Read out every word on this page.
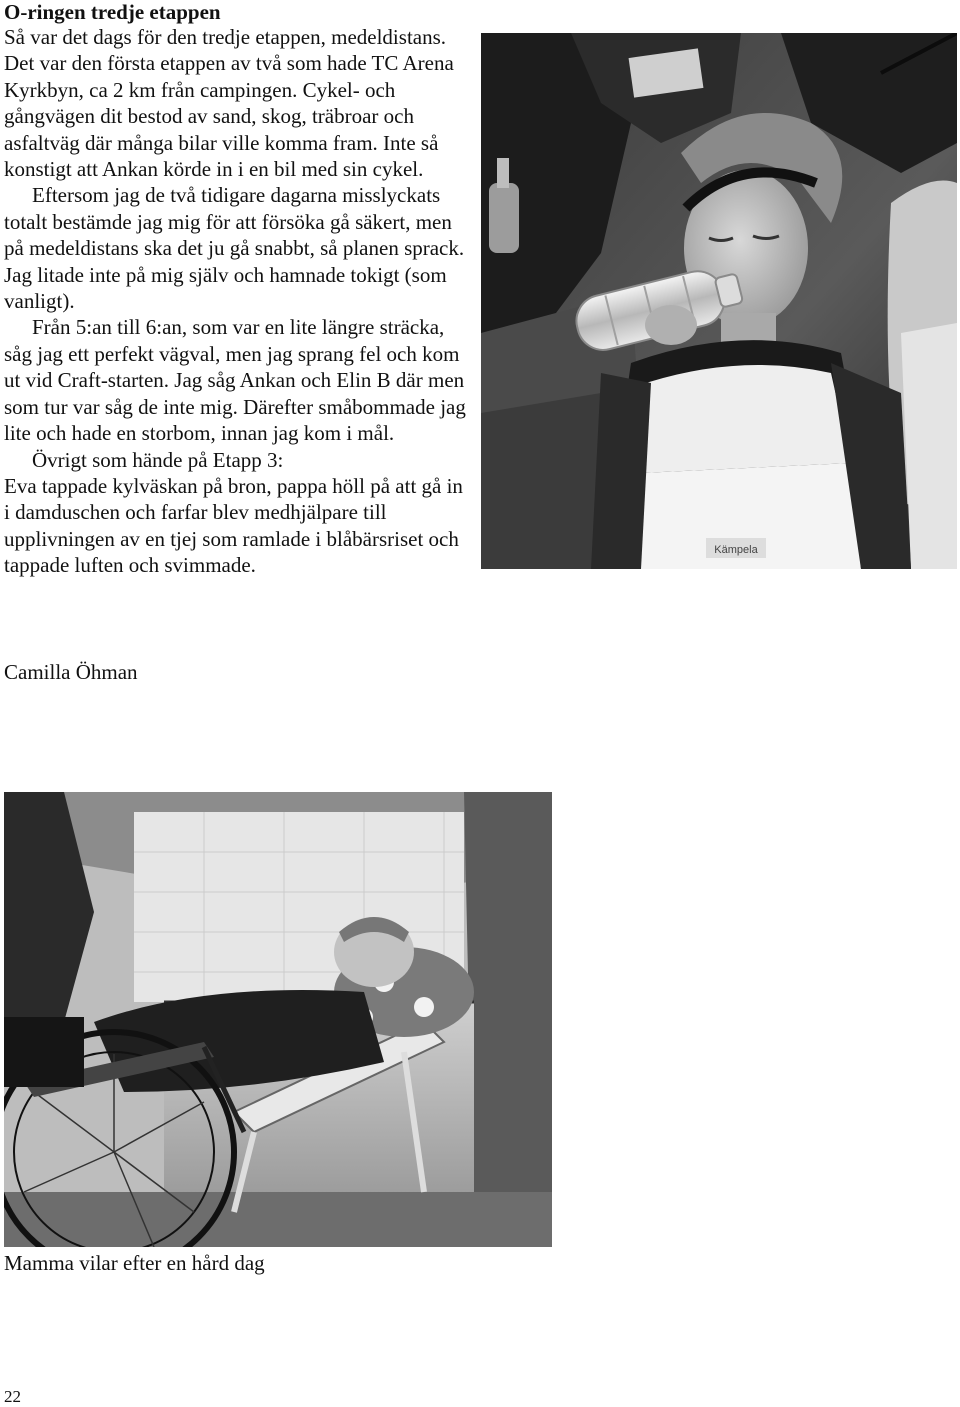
O-ringen tredje etappen

Så var det dags för den tredje etappen, medeldistans. Det var den första etappen av två som hade TC Arena Kyrkbyn, ca 2 km från campingen. Cykel- och gångvägen dit bestod av sand, skog, träbroar och asfaltväg där många bilar ville komma fram. Inte så konstigt att Ankan körde in i en bil med sin cykel.

Eftersom jag de två tidigare dagarna misslyckats totalt bestämde jag mig för att försöka gå säkert, men på medeldistans ska det ju gå snabbt, så planen sprack. Jag litade inte på mig själv och hamnade tokigt (som vanligt).

Från 5:an till 6:an, som var en lite längre sträcka, såg jag ett perfekt vägval, men jag sprang fel och kom ut vid Craft-starten. Jag såg Ankan och Elin B där men som tur var såg de inte mig. Därefter småbommade jag lite och hade en storbom, innan jag kom i mål.

Övrigt som hände på Etapp 3:

Eva tappade kylväskan på bron, pappa höll på att gå in i damduschen och farfar blev medhjälpare till upplivningen av en tjej som ramlade i blåbärsriset och tappade luften och svimmade.

Camilla Öhman
Kämpela
Mamma vilar efter en hård dag
22
